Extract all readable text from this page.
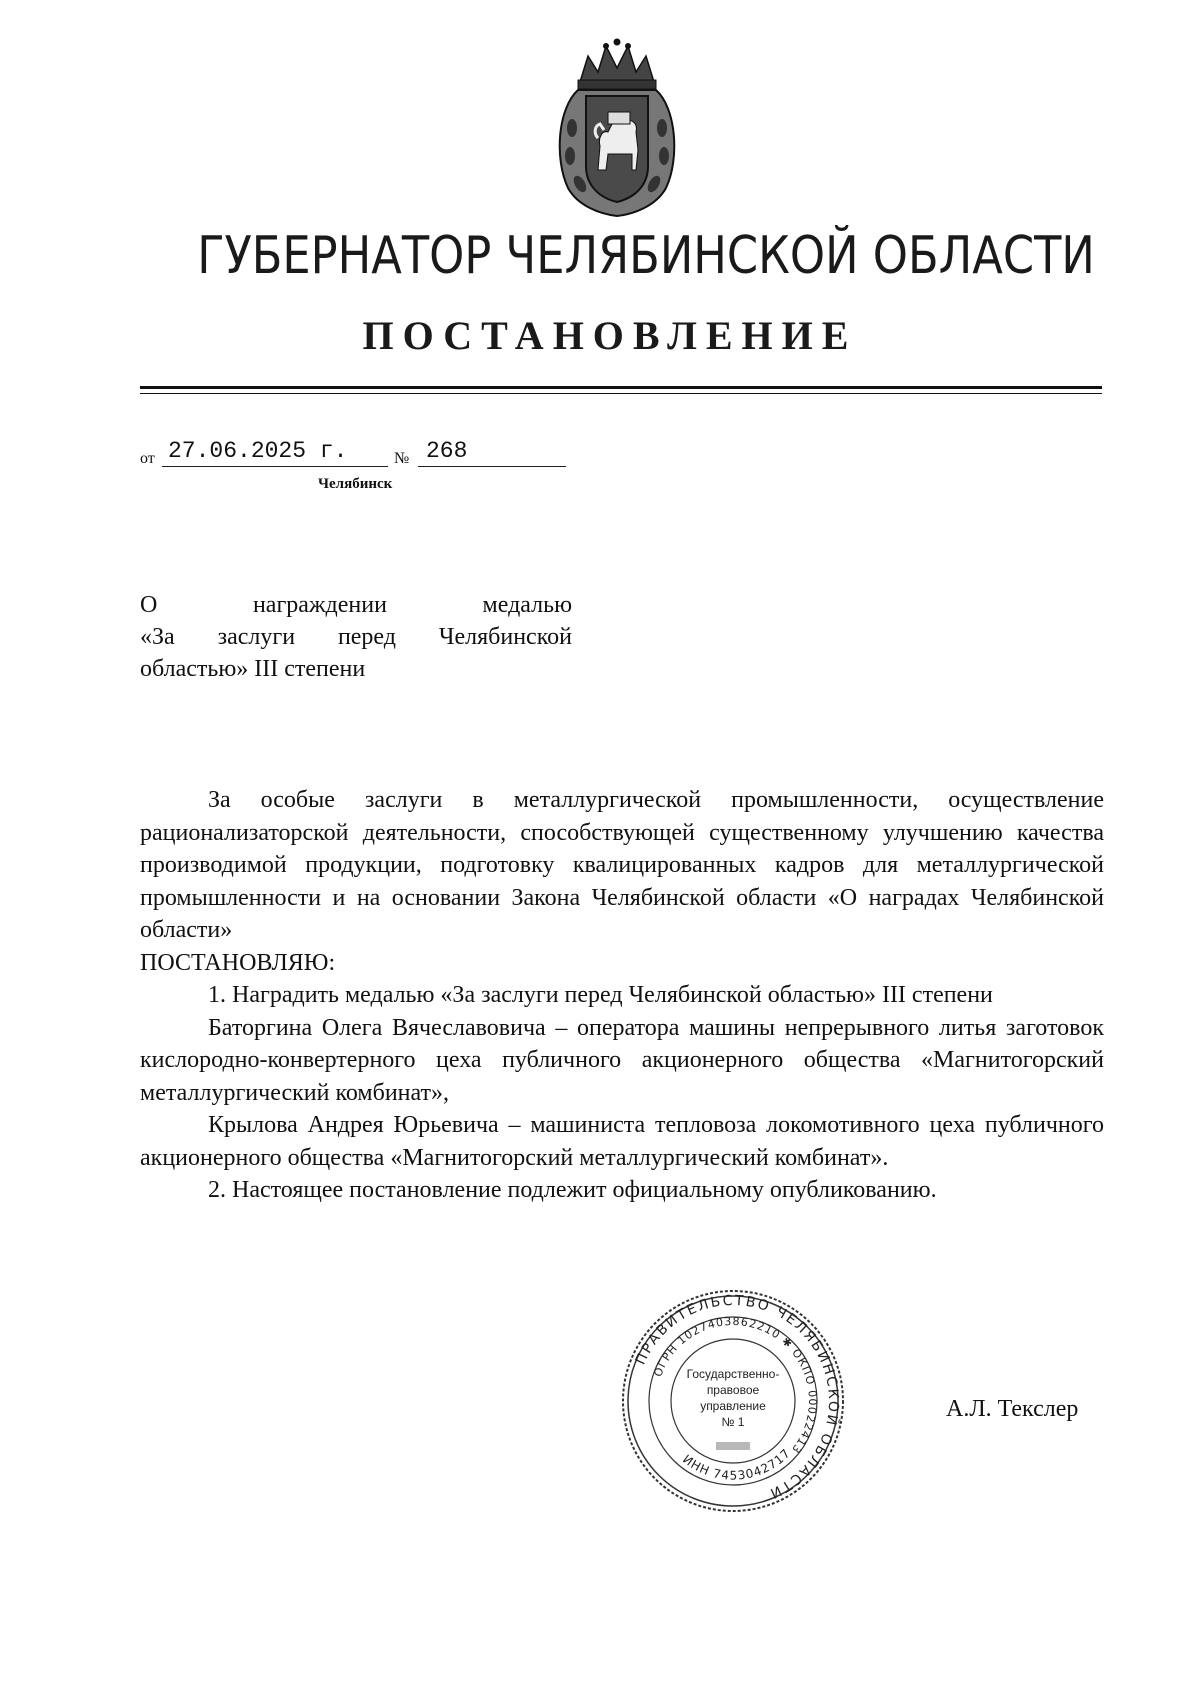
ГУБЕРНАТОР ЧЕЛЯБИНСКОЙ ОБЛАСТИ
ПОСТАНОВЛЕНИЕ
от 27.06.2025 г.	№ 268
Челябинск
О награждении медалью
«За заслуги перед Челябинской
областью» III степени

За особые заслуги в металлургической промышленности, осуществление рационализаторской деятельности, способствующей существенному улучшению качества производимой продукции, подготовку квалицированных кадров для металлургической промышленности и на основании Закона Челябинской области «О наградах Челябинской области»

ПОСТАНОВЛЯЮ:

1. Наградить медалью «За заслуги перед Челябинской областью» III степени

Баторгина Олега Вячеславовича – оператора машины непрерывного литья заготовок кислородно-конвертерного цеха публичного акционерного общества «Магнитогорский металлургический комбинат»,

Крылова Андрея Юрьевича – машиниста тепловоза локомотивного цеха публичного акционерного общества «Магнитогорский металлургический комбинат».

2. Настоящее постановление подлежит официальному опубликованию.

ПРАВИТЕЛЬСТВО ЧЕЛЯБИНСКОЙ ОБЛАСТИ
ОГРН 1027403862210 ✱ ОКПО 00022413
ИНН 7453042717
Государственно-
правовое
управление
№ 1	А.Л. Текслер
